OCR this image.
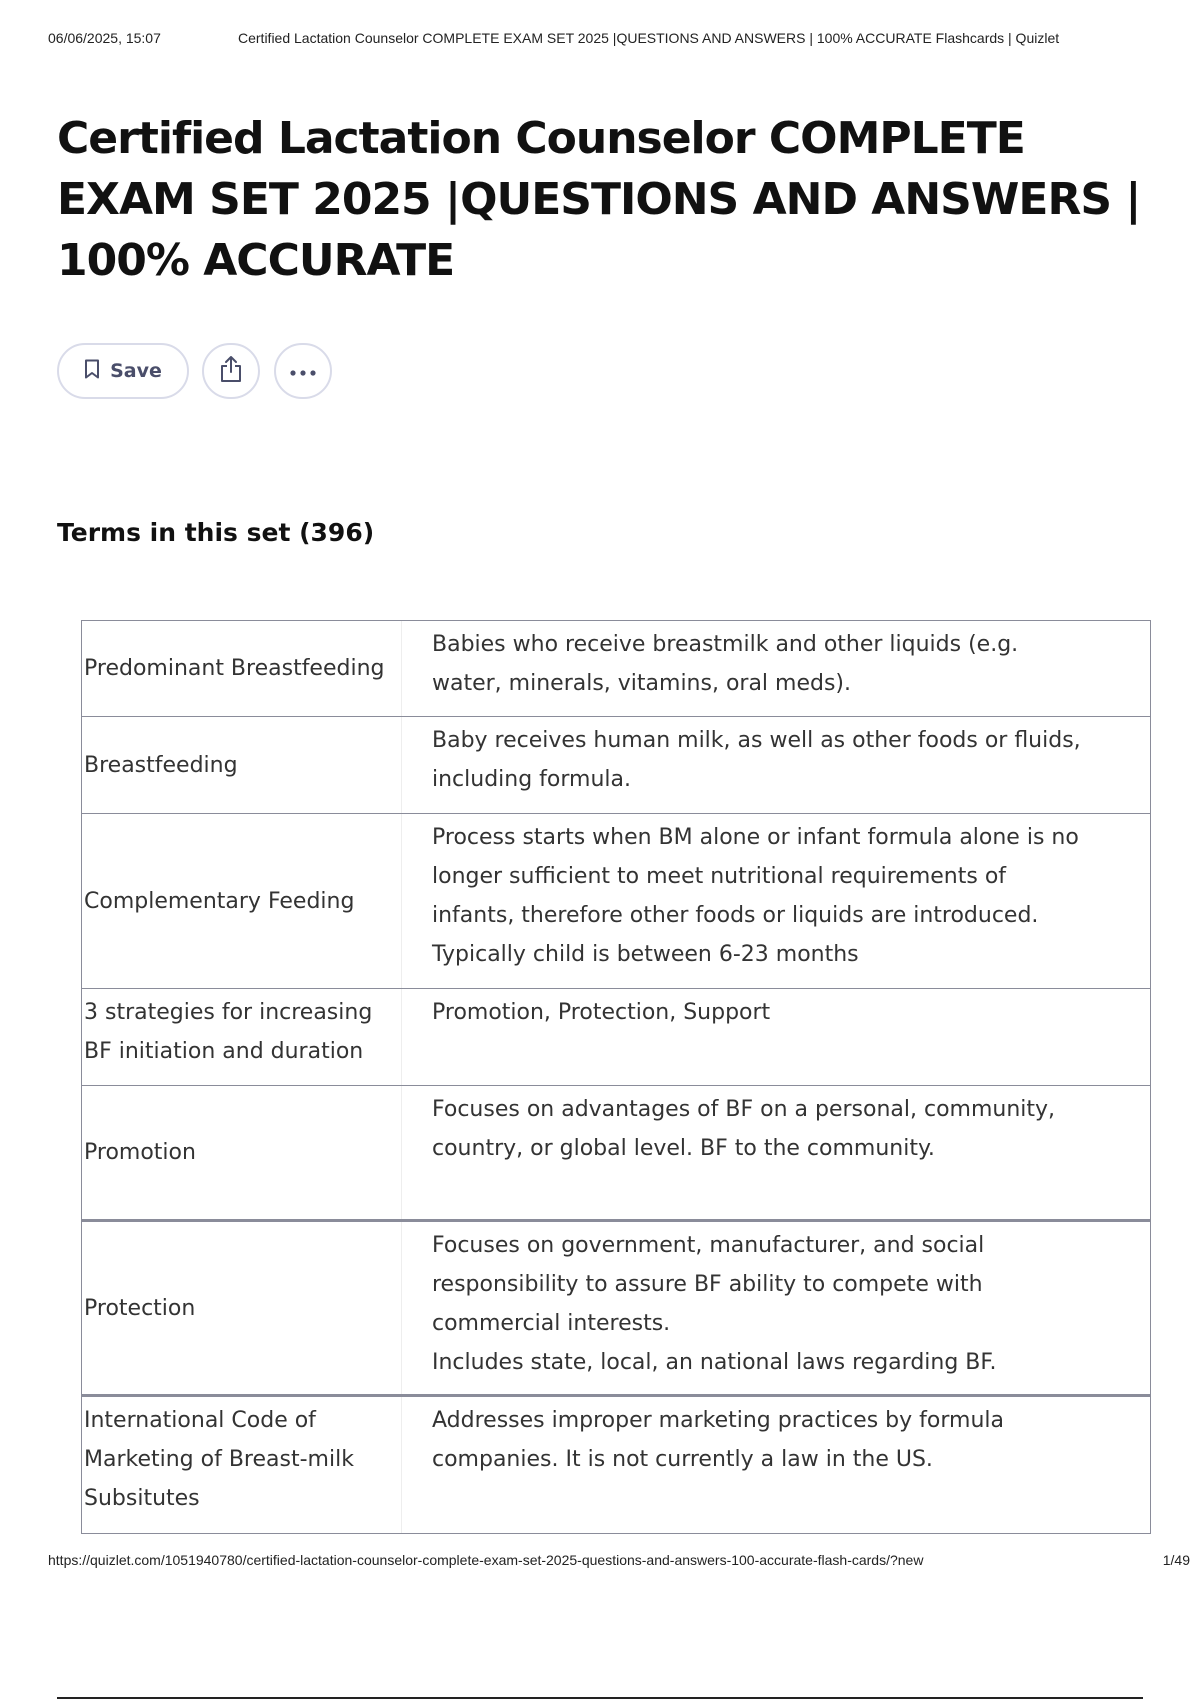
06/06/2025, 15:07	Certified Lactation Counselor COMPLETE EXAM SET 2025 |QUESTIONS AND ANSWERS | 100% ACCURATE Flashcards | Quizlet
Certified Lactation Counselor COMPLETE EXAM SET 2025 |QUESTIONS AND ANSWERS | 100% ACCURATE
Save
Terms in this set (396)
Predominant Breastfeeding
Babies who receive breastmilk and other liquids (e.g. water, minerals, vitamins, oral meds).
Breastfeeding
Baby receives human milk, as well as other foods or fluids, including formula.
Complementary Feeding
Process starts when BM alone or infant formula alone is no longer sufficient to meet nutritional requirements of infants, therefore other foods or liquids are introduced. Typically child is between 6-23 months
3 strategies for increasing BF initiation and duration
Promotion, Protection, Support
Promotion
Focuses on advantages of BF on a personal, community, country, or global level. BF to the community.
Protection
Focuses on government, manufacturer, and social responsibility to assure BF ability to compete with commercial interests.
Includes state, local, an national laws regarding BF.
International Code of Marketing of Breast-milk Subsitutes
Addresses improper marketing practices by formula companies. It is not currently a law in the US.
https://quizlet.com/1051940780/certified-lactation-counselor-complete-exam-set-2025-questions-and-answers-100-accurate-flash-cards/?new	1/49
